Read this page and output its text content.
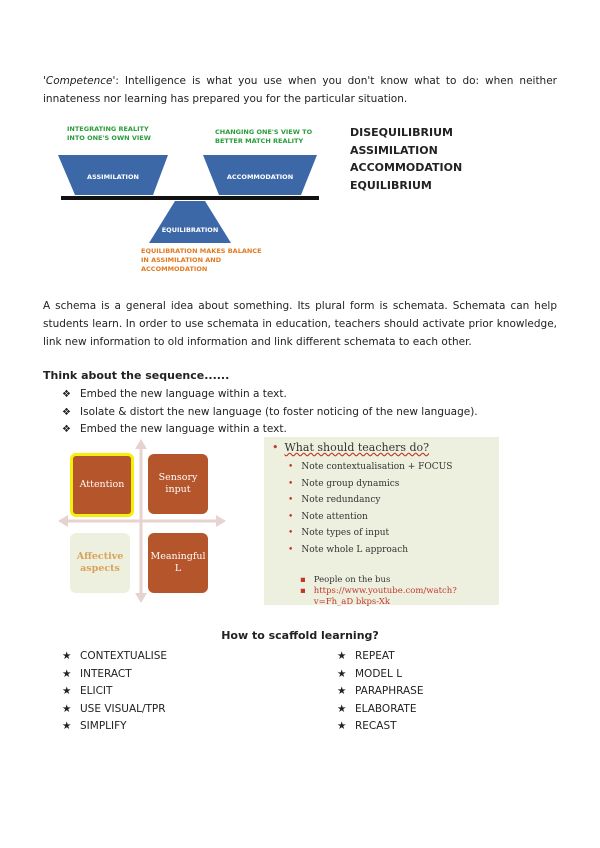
'Competence': Intelligence is what you use when you don't know what to do: when neither innateness nor learning has prepared you for the particular situation.
INTEGRATING REALITY
INTO ONE'S OWN VIEW
CHANGING ONE'S VIEW TO
BETTER MATCH REALITY
ASSIMILATION	ACCOMMODATION
EQUILIBRATION
EQUILIBRATION MAKES BALANCE
IN ASSIMILATION AND
ACCOMMODATION
DISEQUILIBRIUM
ASSIMILATION
ACCOMMODATION
EQUILIBRIUM
A schema is a general idea about something. Its plural form is schemata. Schemata can help students learn. In order to use schemata in education, teachers should activate prior knowledge, link new information to old information and link different schemata to each other.
Think about the sequence......
❖ Embed the new language within a text.
❖ Isolate & distort the new language (to foster noticing of the new language).
❖ Embed the new language within a text.
Attention
Sensory input
Affective aspects
Meaningful L
• What should teachers do?
• Note contextualisation + FOCUS
• Note group dynamics
• Note redundancy
• Note attention
• Note types of input
• Note whole L approach
▪ People on the bus
▪ https://www.youtube.com/watch?v=Fh_aD bkps-Xk
How to scaffold learning?
★ CONTEXTUALISE
★ INTERACT
★ ELICIT
★ USE VISUAL/TPR
★ SIMPLIFY
★ REPEAT
★ MODEL L
★ PARAPHRASE
★ ELABORATE
★ RECAST
